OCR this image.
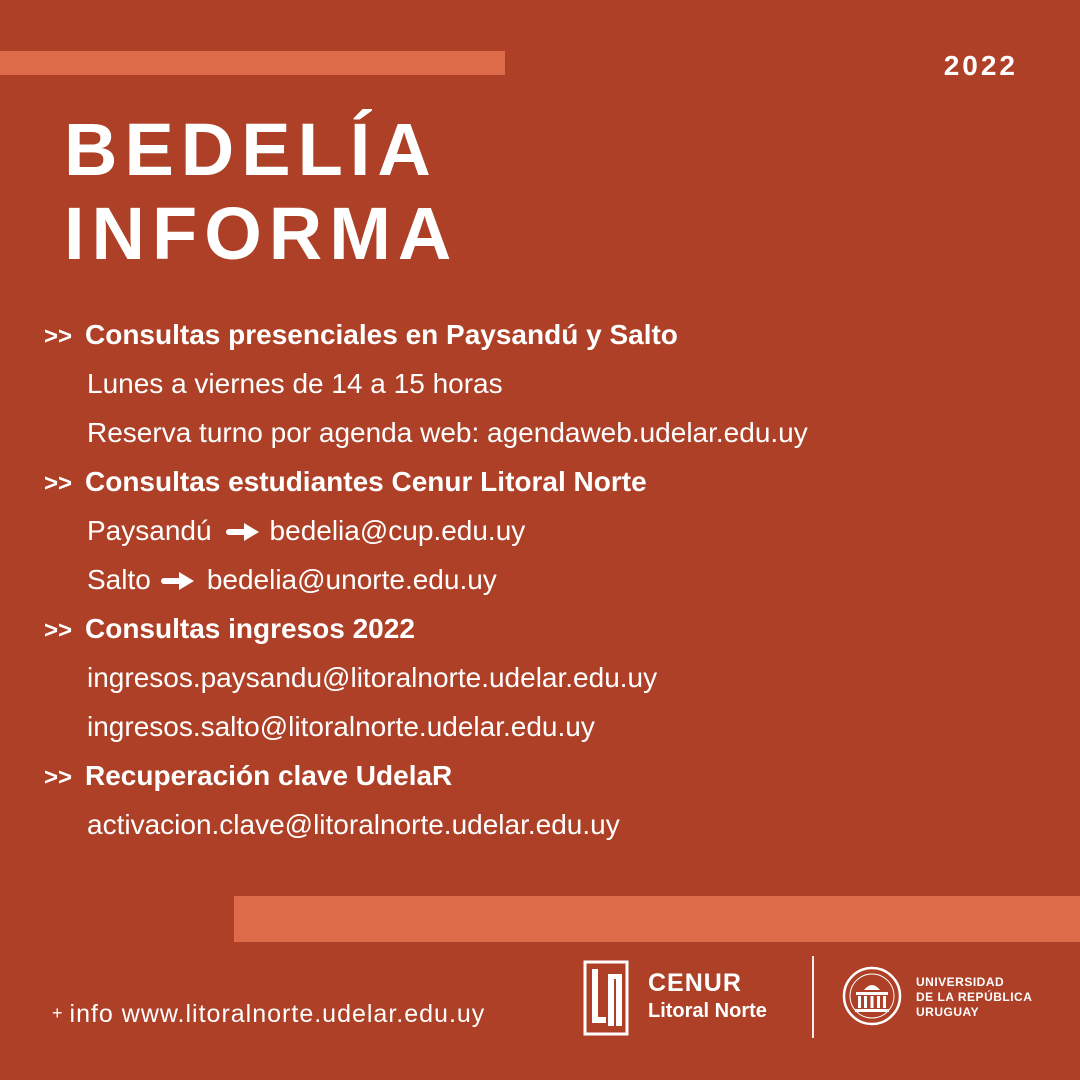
2022
BEDELÍA
INFORMA
>> Consultas presenciales en Paysandú y Salto
Lunes a viernes de 14 a 15 horas
Reserva turno por agenda web: agendaweb.udelar.edu.uy
>> Consultas estudiantes Cenur Litoral Norte
Paysandú bedelia@cup.edu.uy
Salto bedelia@unorte.edu.uy
>> Consultas ingresos 2022
ingresos.paysandu@litoralnorte.udelar.edu.uy
ingresos.salto@litoralnorte.udelar.edu.uy
>> Recuperación clave UdelaR
activacion.clave@litoralnorte.udelar.edu.uy
+ info www.litoralnorte.udelar.edu.uy
CENUR
Litoral Norte
UNIVERSIDAD
DE LA REPÚBLICA
URUGUAY
